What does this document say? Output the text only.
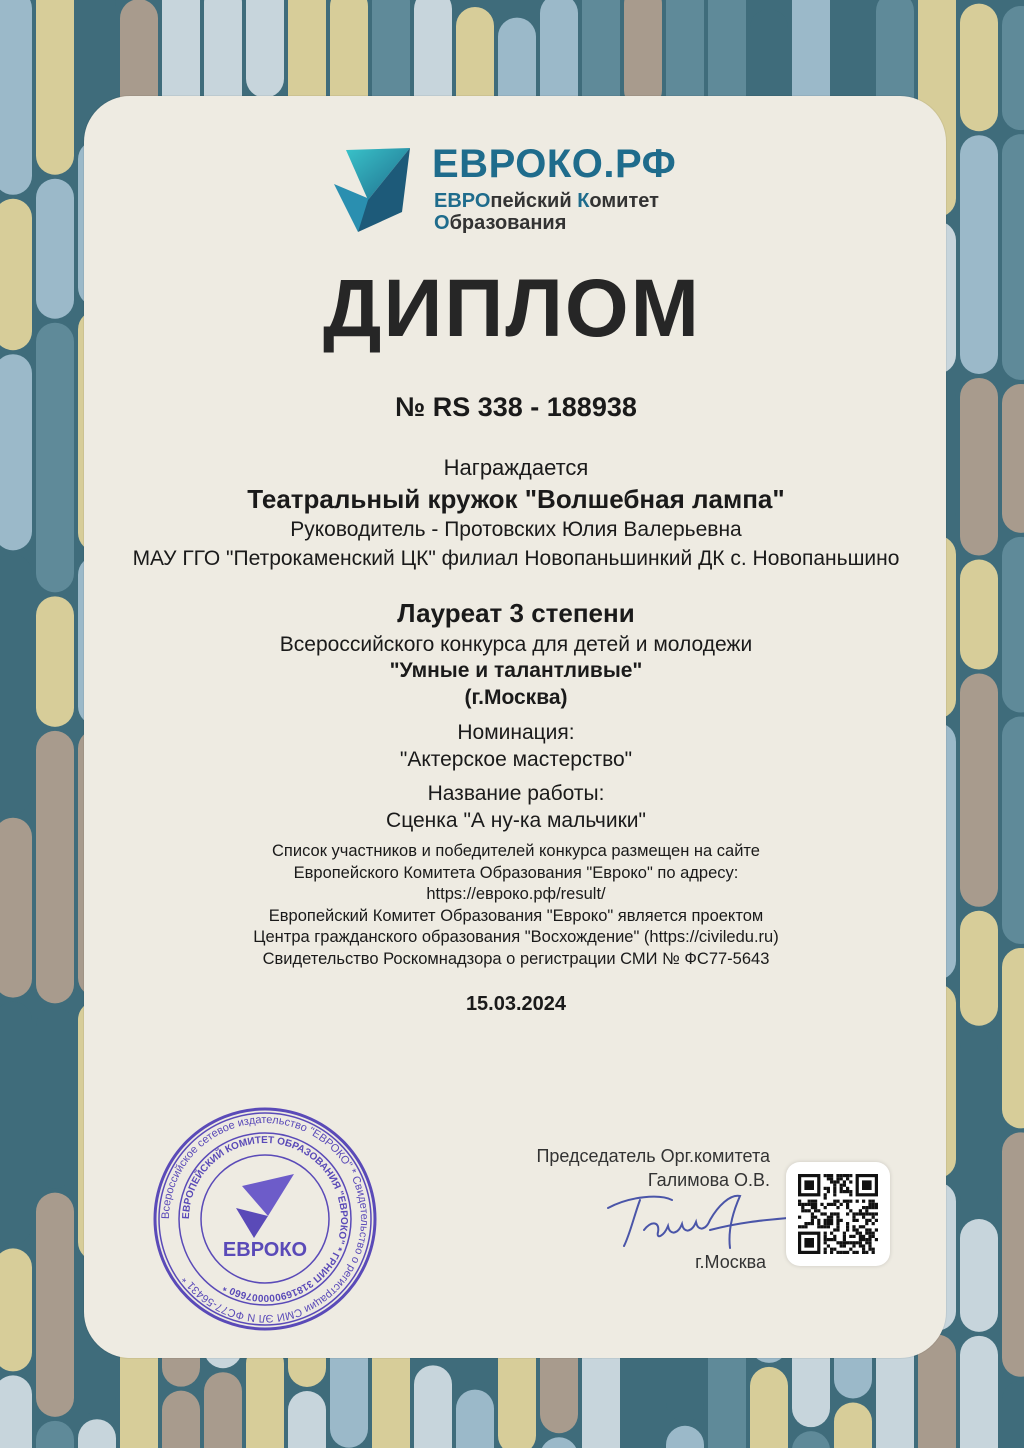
ЕВРОКО.РФ
ЕВРОпейский Комитет
Образования
ДИПЛОМ
№ RS 338 - 188938
Награждается
Театральный кружок "Волшебная лампа"
Руководитель - Протовских Юлия Валерьевна
МАУ ГГО "Петрокаменский ЦК" филиал Новопаньшинкий ДК с. Новопаньшино
Лауреат 3 степени
Всероссийского конкурса для детей и молодежи
"Умные и талантливые"
(г.Москва)
Номинация:
"Актерское мастерство"
Название работы:
Сценка "А ну-ка мальчики"
Список участников и победителей конкурса размещен на сайте
Европейского Комитета Образования "Евроко" по адресу:
https://евроко.рф/result/
Европейский Комитет Образования "Евроко" является проектом
Центра гражданского образования "Восхождение" (https://civiledu.ru)
Свидетельство Роскомнадзора о регистрации СМИ № ФС77-5643
15.03.2024
Всероссийское сетевое издательство "ЕВРОКО" * Свидетельство о регистрации СМИ ЭЛ N ФС77-56431 *
ЕВРОПЕЙСКИЙ КОМИТЕТ ОБРАЗОВАНИЯ "ЕВРОКО" * ГРНИП 318169000007660 *
ЕВРОКО
Председатель Орг.комитета
Галимова О.В.
г.Москва
